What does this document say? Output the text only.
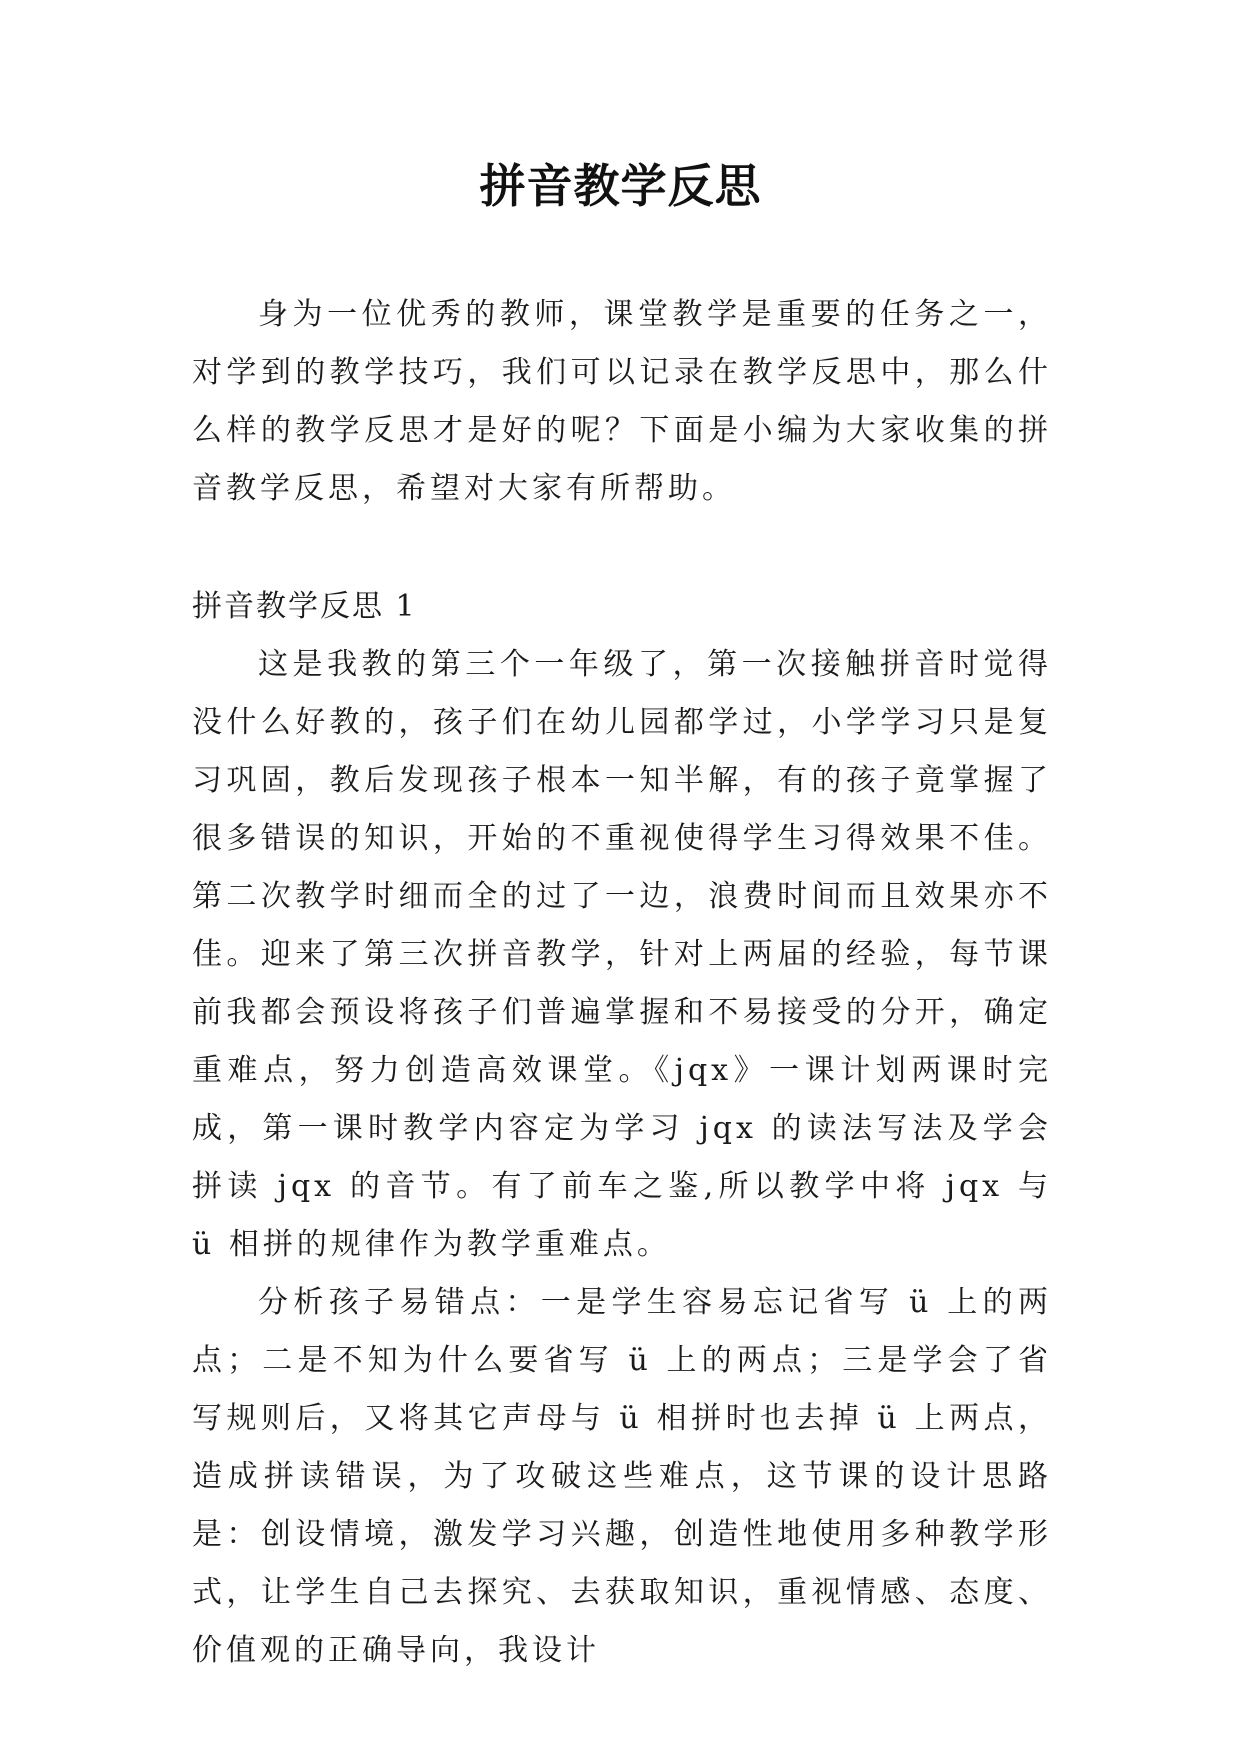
拼音教学反思

身为一位优秀的教师，课堂教学是重要的任务之一，对学到的教学技巧，我们可以记录在教学反思中，那么什么样的教学反思才是好的呢？下面是小编为大家收集的拼音教学反思，希望对大家有所帮助。

拼音教学反思 1

这是我教的第三个一年级了，第一次接触拼音时觉得没什么好教的，孩子们在幼儿园都学过，小学学习只是复习巩固，教后发现孩子根本一知半解，有的孩子竟掌握了很多错误的知识，开始的不重视使得学生习得效果不佳。第二次教学时细而全的过了一边，浪费时间而且效果亦不佳。迎来了第三次拼音教学，针对上两届的经验，每节课前我都会预设将孩子们普遍掌握和不易接受的分开，确定重难点，努力创造高效课堂。《jqx》一课计划两课时完成，第一课时教学内容定为学习 jqx 的读法写法及学会拼读 jqx 的音节。有了前车之鉴,所以教学中将 jqx 与 ü 相拼的规律作为教学重难点。

分析孩子易错点：一是学生容易忘记省写 ü 上的两点；二是不知为什么要省写 ü 上的两点；三是学会了省写规则后，又将其它声母与 ü 相拼时也去掉 ü 上两点，造成拼读错误，为了攻破这些难点，这节课的设计思路是：创设情境，激发学习兴趣，创造性地使用多种教学形式，让学生自己去探究、去获取知识，重视情感、态度、价值观的正确导向，我设计
